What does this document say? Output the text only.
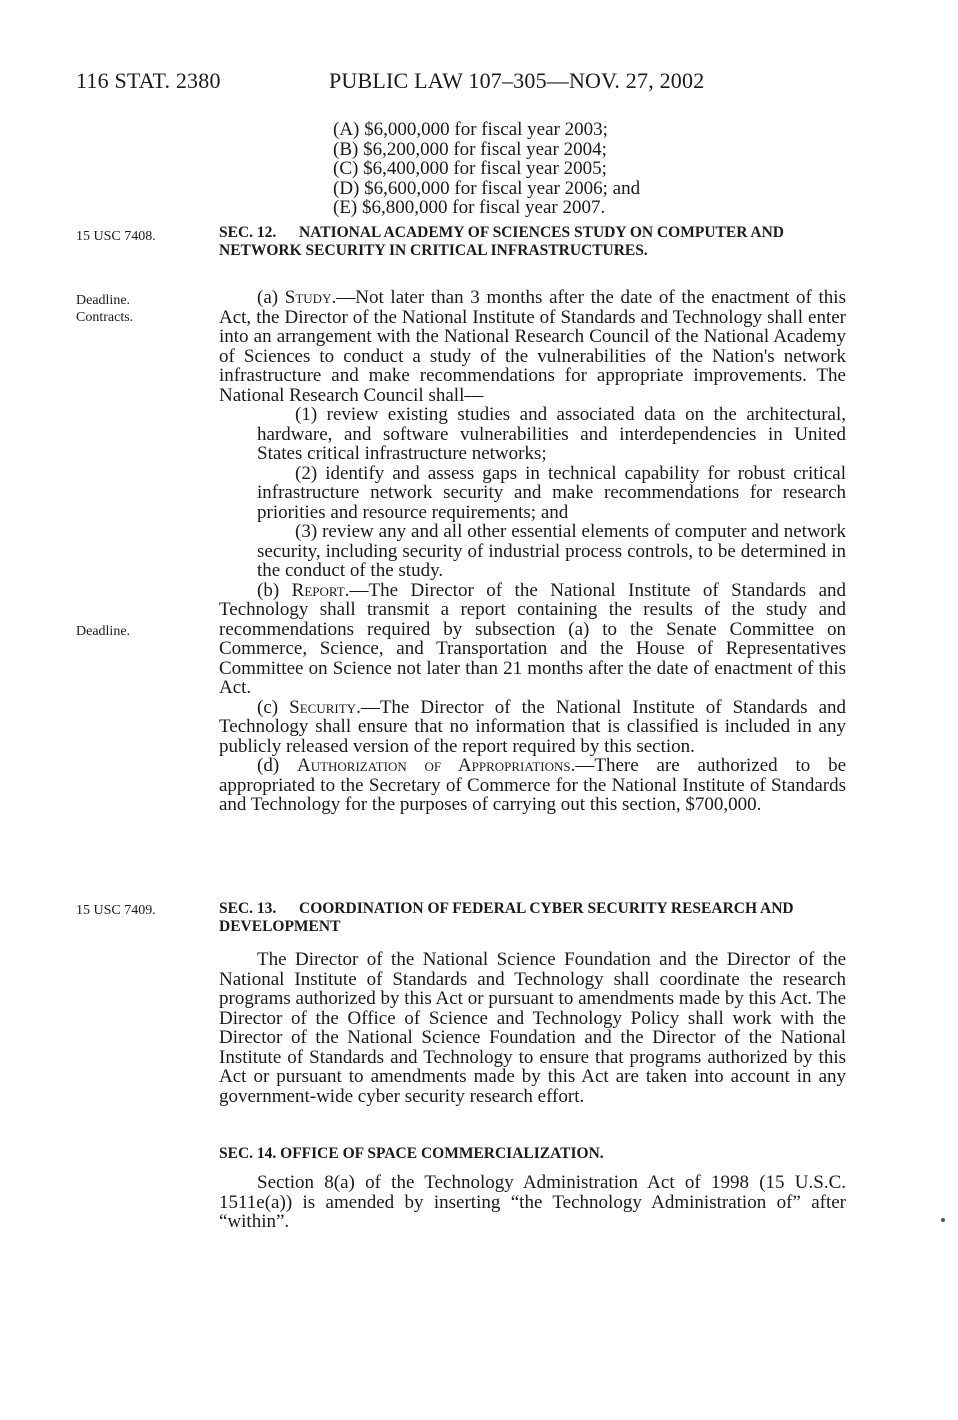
116 STAT. 2380	PUBLIC LAW 107–305—NOV. 27, 2002
(A) $6,000,000 for fiscal year 2003;
(B) $6,200,000 for fiscal year 2004;
(C) $6,400,000 for fiscal year 2005;
(D) $6,600,000 for fiscal year 2006; and
(E) $6,800,000 for fiscal year 2007.
15 USC 7408.
Deadline.
Contracts.
Deadline.
15 USC 7409.
SEC. 12. NATIONAL ACADEMY OF SCIENCES STUDY ON COMPUTER AND NETWORK SECURITY IN CRITICAL INFRASTRUCTURES.

(a) Study.—Not later than 3 months after the date of the enactment of this Act, the Director of the National Institute of Standards and Technology shall enter into an arrangement with the National Research Council of the National Academy of Sciences to conduct a study of the vulnerabilities of the Nation's network infrastructure and make recommendations for appropriate improvements. The National Research Council shall—

(1) review existing studies and associated data on the architectural, hardware, and software vulnerabilities and interdependencies in United States critical infrastructure networks;

(2) identify and assess gaps in technical capability for robust critical infrastructure network security and make recommendations for research priorities and resource requirements; and

(3) review any and all other essential elements of computer and network security, including security of industrial process controls, to be determined in the conduct of the study.

(b) Report.—The Director of the National Institute of Standards and Technology shall transmit a report containing the results of the study and recommendations required by subsection (a) to the Senate Committee on Commerce, Science, and Transportation and the House of Representatives Committee on Science not later than 21 months after the date of enactment of this Act.

(c) Security.—The Director of the National Institute of Standards and Technology shall ensure that no information that is classified is included in any publicly released version of the report required by this section.

(d) Authorization of Appropriations.—There are authorized to be appropriated to the Secretary of Commerce for the National Institute of Standards and Technology for the purposes of carrying out this section, $700,000.

SEC. 13. COORDINATION OF FEDERAL CYBER SECURITY RESEARCH AND DEVELOPMENT

The Director of the National Science Foundation and the Director of the National Institute of Standards and Technology shall coordinate the research programs authorized by this Act or pursuant to amendments made by this Act. The Director of the Office of Science and Technology Policy shall work with the Director of the National Science Foundation and the Director of the National Institute of Standards and Technology to ensure that programs authorized by this Act or pursuant to amendments made by this Act are taken into account in any government-wide cyber security research effort.

SEC. 14. OFFICE OF SPACE COMMERCIALIZATION.

Section 8(a) of the Technology Administration Act of 1998 (15 U.S.C. 1511e(a)) is amended by inserting “the Technology Administration of” after “within”.
